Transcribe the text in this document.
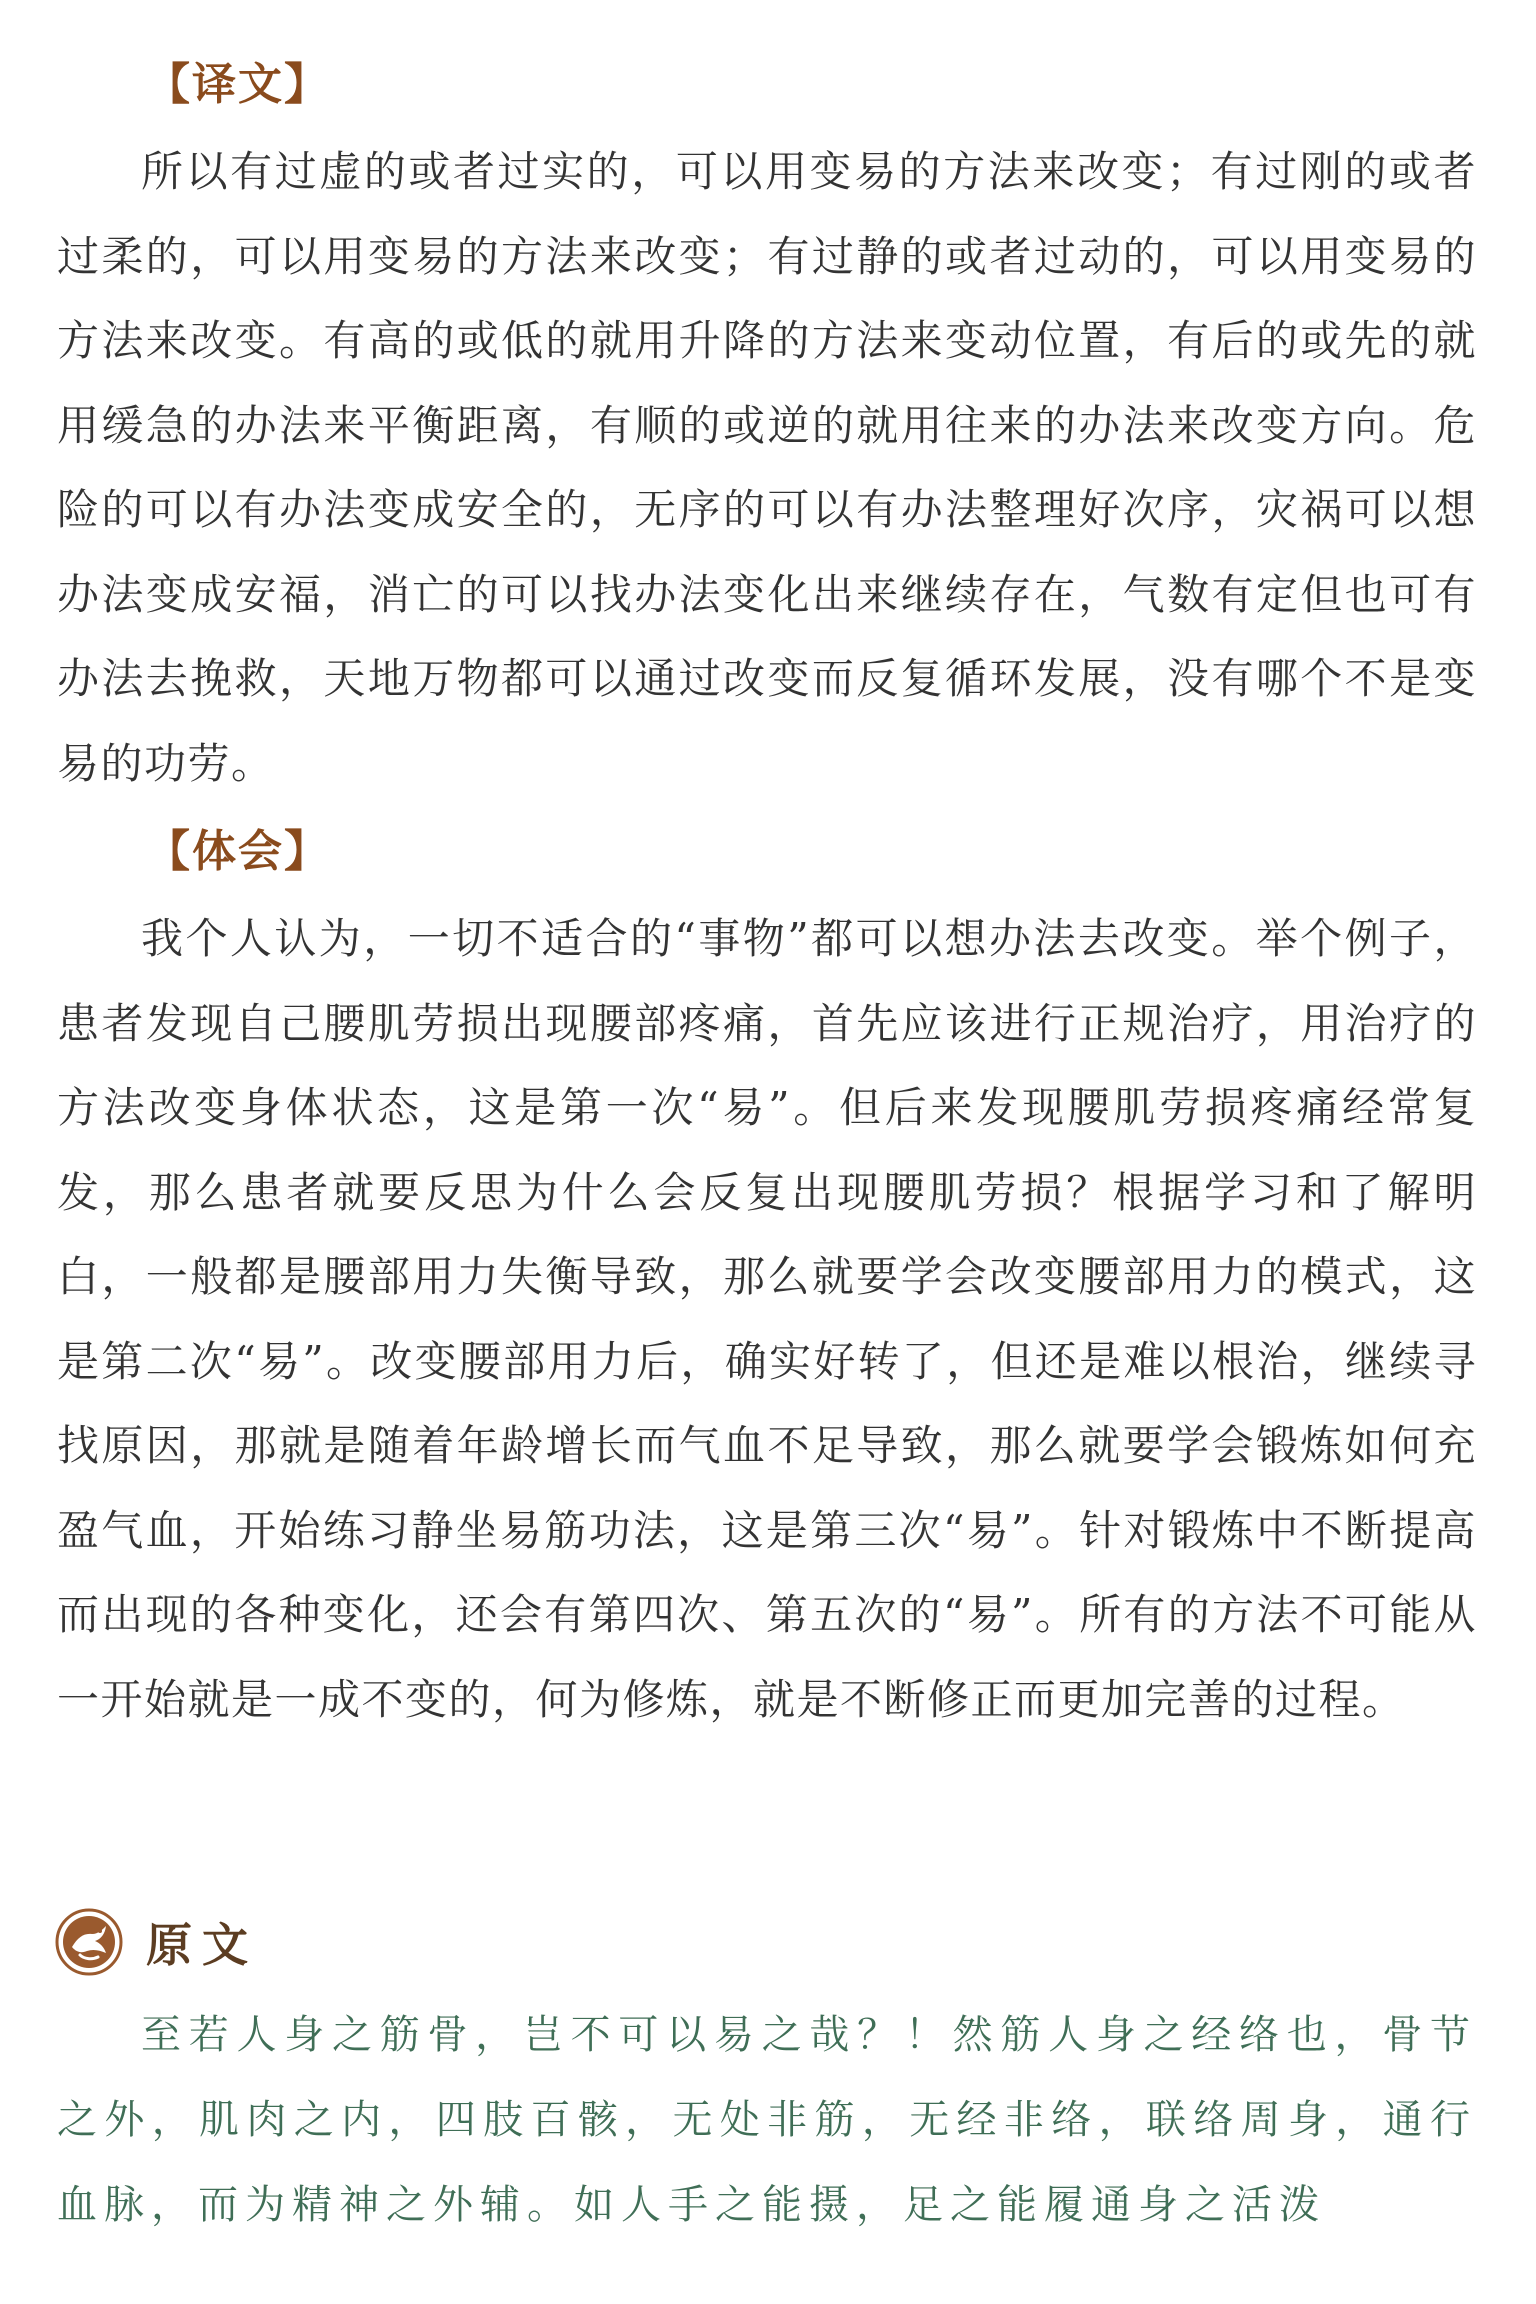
【译文】

所以有过虚的或者过实的，可以用变易的方法来改变；有过刚的或者过柔的，可以用变易的方法来改变；有过静的或者过动的，可以用变易的方法来改变。有高的或低的就用升降的方法来变动位置，有后的或先的就用缓急的办法来平衡距离，有顺的或逆的就用往来的办法来改变方向。危险的可以有办法变成安全的，无序的可以有办法整理好次序，灾祸可以想办法变成安福，消亡的可以找办法变化出来继续存在，气数有定但也可有办法去挽救，天地万物都可以通过改变而反复循环发展，没有哪个不是变易的功劳。

【体会】

我个人认为，一切不适合的“事物”都可以想办法去改变。举个例子，患者发现自己腰肌劳损出现腰部疼痛，首先应该进行正规治疗，用治疗的方法改变身体状态，这是第一次“易”。但后来发现腰肌劳损疼痛经常复发，那么患者就要反思为什么会反复出现腰肌劳损？根据学习和了解明白，一般都是腰部用力失衡导致，那么就要学会改变腰部用力的模式，这是第二次“易”。改变腰部用力后，确实好转了，但还是难以根治，继续寻找原因，那就是随着年龄增长而气血不足导致，那么就要学会锻炼如何充盈气血，开始练习静坐易筋功法，这是第三次“易”。针对锻炼中不断提高而出现的各种变化，还会有第四次、第五次的“易”。所有的方法不可能从一开始就是一成不变的，何为修炼，就是不断修正而更加完善的过程。

原文

至若人身之筋骨，岂不可以易之哉？！然筋人身之经络也，骨节之外，肌肉之内，四肢百骸，无处非筋，无经非络，联络周身，通行血脉，而为精神之外辅。如人手之能摄，足之能履通身之活泼
